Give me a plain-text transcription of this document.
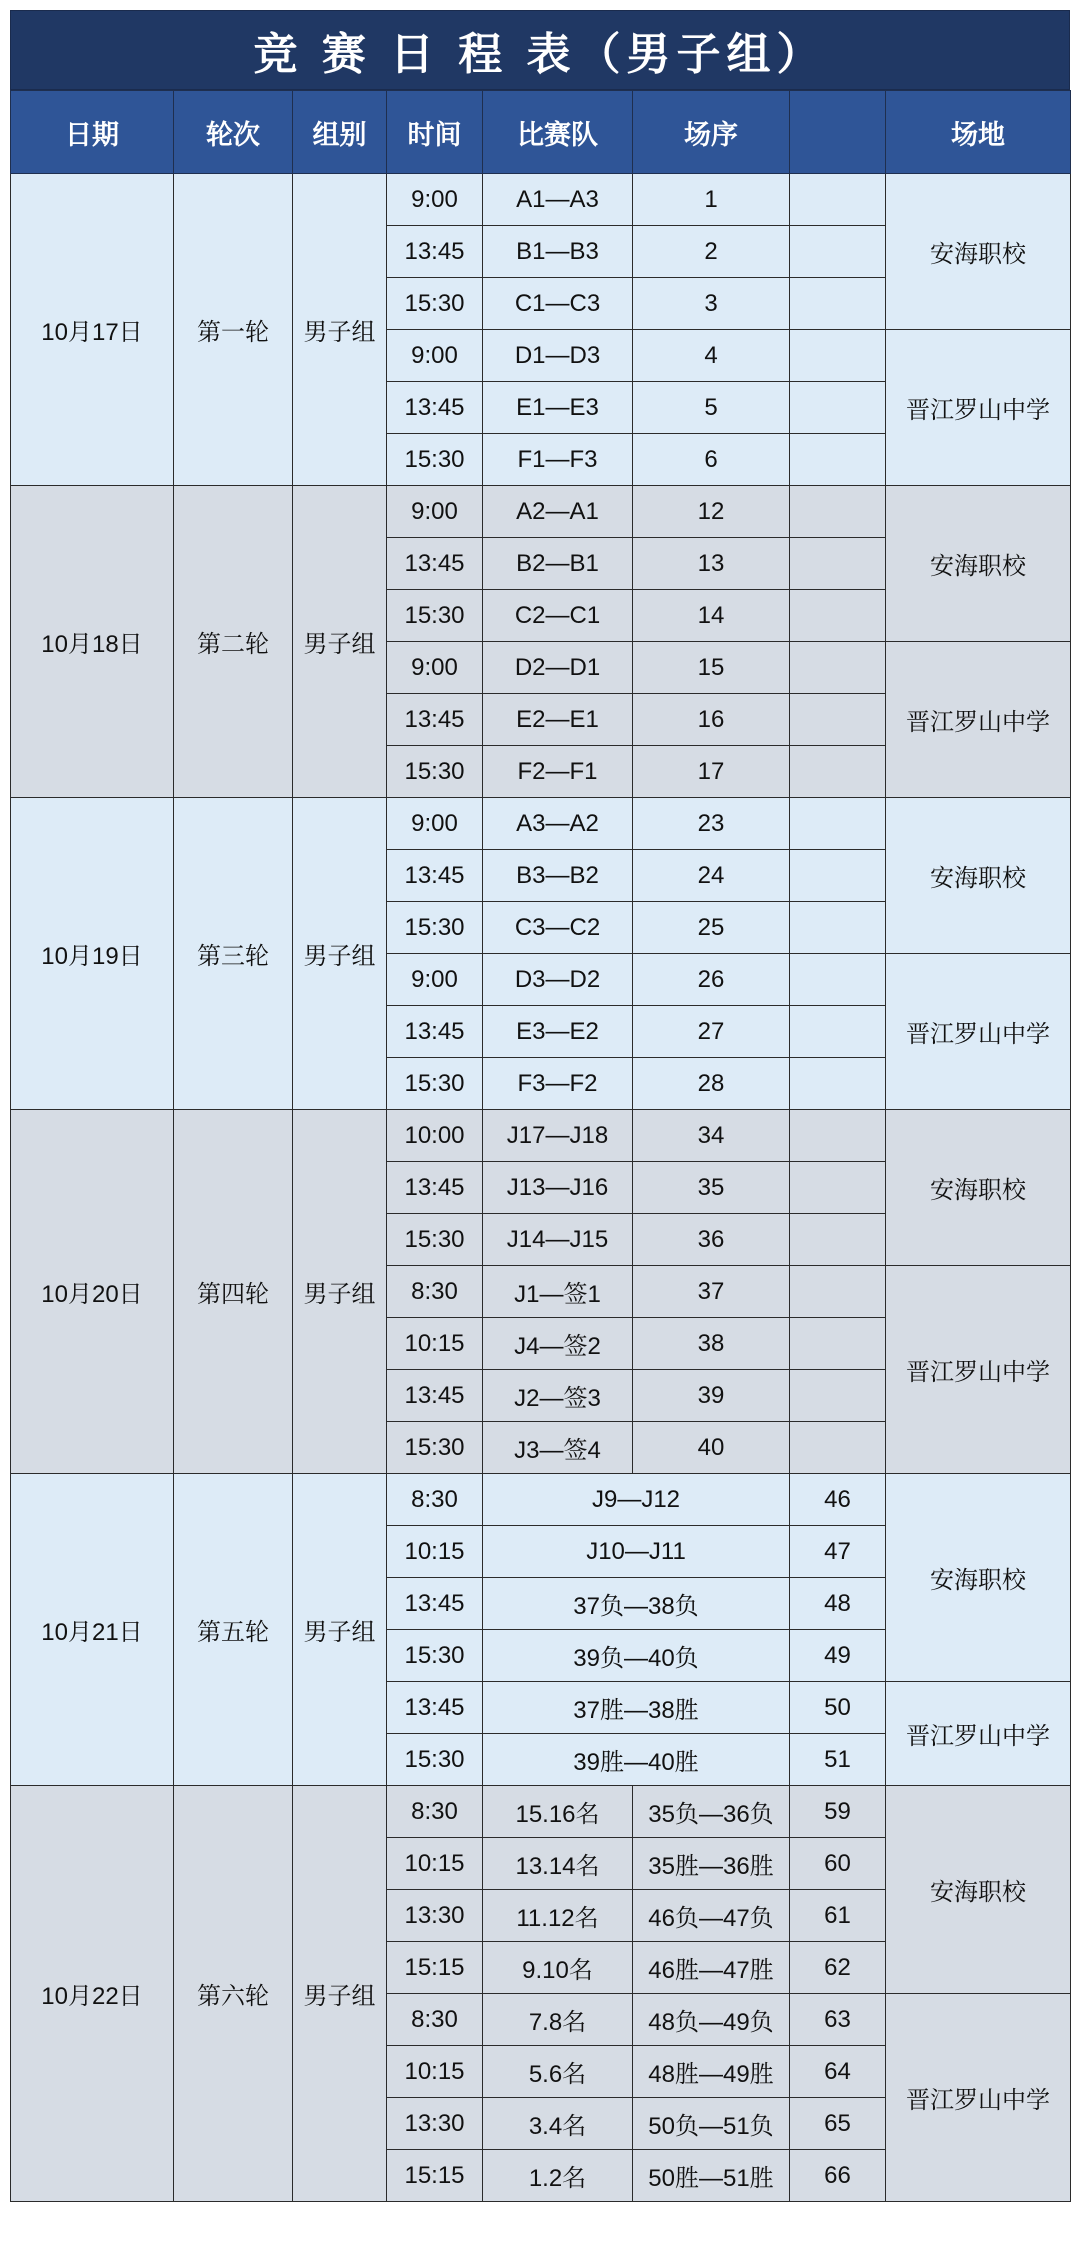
竞 赛 日 程 表（男子组）
日期	轮次	组别	时间	比赛队	场序		场地
10月17日	第一轮	男子组	9:00	A1—A3	1		安海职校
			13:45	B1—B3	2		
			15:30	C1—C3	3		
			9:00	D1—D3	4		晋江罗山中学
			13:45	E1—E3	5		
			15:30	F1—F3	6		
10月18日	第二轮	男子组	9:00	A2—A1	12		安海职校
			13:45	B2—B1	13		
			15:30	C2—C1	14		
			9:00	D2—D1	15		晋江罗山中学
			13:45	E2—E1	16		
			15:30	F2—F1	17		
10月19日	第三轮	男子组	9:00	A3—A2	23		安海职校
			13:45	B3—B2	24		
			15:30	C3—C2	25		
			9:00	D3—D2	26		晋江罗山中学
			13:45	E3—E2	27		
			15:30	F3—F2	28		
10月20日	第四轮	男子组	10:00	J17—J18	34		安海职校
			13:45	J13—J16	35		
			15:30	J14—J15	36		
			8:30	J1—签1	37		晋江罗山中学
			10:15	J4—签2	38		
			13:45	J2—签3	39		
			15:30	J3—签4	40		
10月21日	第五轮	男子组	8:30	J9—J12		46	安海职校
			10:15	J10—J11		47	
			13:45	37负—38负		48	
			15:30	39负—40负		49	
			13:45	37胜—38胜		50	晋江罗山中学
			15:30	39胜—40胜		51	
10月22日	第六轮	男子组	8:30	15.16名	35负—36负	59	安海职校
			10:15	13.14名	35胜—36胜	60	
			13:30	11.12名	46负—47负	61	
			15:15	9.10名	46胜—47胜	62	
			8:30	7.8名	48负—49负	63	晋江罗山中学
			10:15	5.6名	48胜—49胜	64	
			13:30	3.4名	50负—51负	65	
			15:15	1.2名	50胜—51胜	66	
